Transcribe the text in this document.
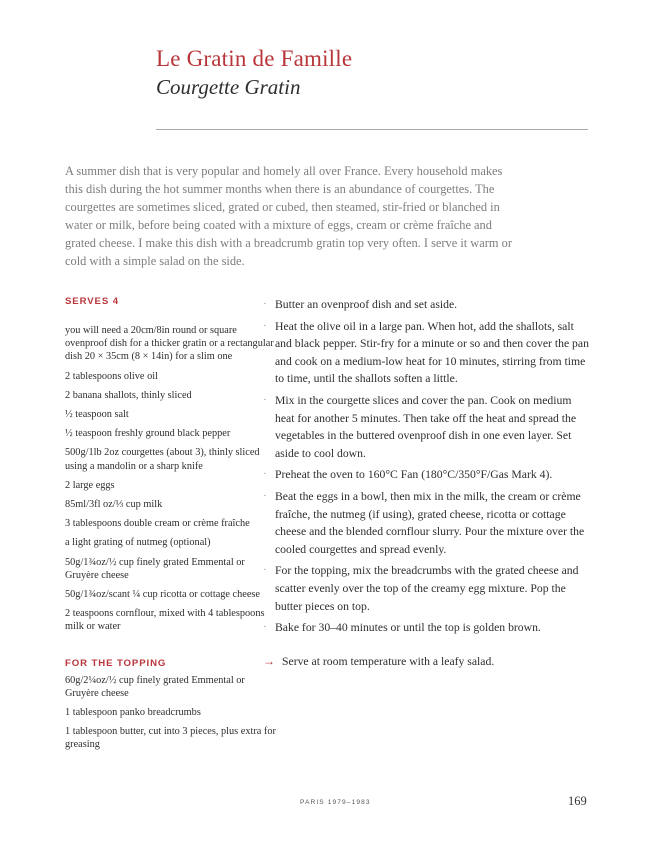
Le Gratin de Famille
Courgette Gratin
A summer dish that is very popular and homely all over France. Every household makes this dish during the hot summer months when there is an abundance of courgettes. The courgettes are sometimes sliced, grated or cubed, then steamed, stir-fried or blanched in water or milk, before being coated with a mixture of eggs, cream or crème fraîche and grated cheese. I make this dish with a breadcrumb gratin top very often. I serve it warm or cold with a simple salad on the side.
SERVES 4
you will need a 20cm/8in round or square ovenproof dish for a thicker gratin or a rectangular dish 20 × 35cm (8 × 14in) for a slim one
2 tablespoons olive oil
2 banana shallots, thinly sliced
½ teaspoon salt
½ teaspoon freshly ground black pepper
500g/1lb 2oz courgettes (about 3), thinly sliced using a mandolin or a sharp knife
2 large eggs
85ml/3fl oz/⅓ cup milk
3 tablespoons double cream or crème fraîche
a light grating of nutmeg (optional)
50g/1¾oz/½ cup finely grated Emmental or Gruyère cheese
50g/1¾oz/scant ¼ cup ricotta or cottage cheese
2 teaspoons cornflour, mixed with 4 tablespoons milk or water
FOR THE TOPPING
60g/2¼oz/½ cup finely grated Emmental or Gruyère cheese
1 tablespoon panko breadcrumbs
1 tablespoon butter, cut into 3 pieces, plus extra for greasing
· Butter an ovenproof dish and set aside.
· Heat the olive oil in a large pan. When hot, add the shallots, salt and black pepper. Stir-fry for a minute or so and then cover the pan and cook on a medium-low heat for 10 minutes, stirring from time to time, until the shallots soften a little.
· Mix in the courgette slices and cover the pan. Cook on medium heat for another 5 minutes. Then take off the heat and spread the vegetables in the buttered ovenproof dish in one even layer. Set aside to cool down.
· Preheat the oven to 160°C Fan (180°C/350°F/Gas Mark 4).
· Beat the eggs in a bowl, then mix in the milk, the cream or crème fraîche, the nutmeg (if using), grated cheese, ricotta or cottage cheese and the blended cornflour slurry. Pour the mixture over the cooled courgettes and spread evenly.
· For the topping, mix the breadcrumbs with the grated cheese and scatter evenly over the top of the creamy egg mixture. Pop the butter pieces on top.
· Bake for 30–40 minutes or until the top is golden brown.
→ Serve at room temperature with a leafy salad.
PARIS 1979–1983	169
